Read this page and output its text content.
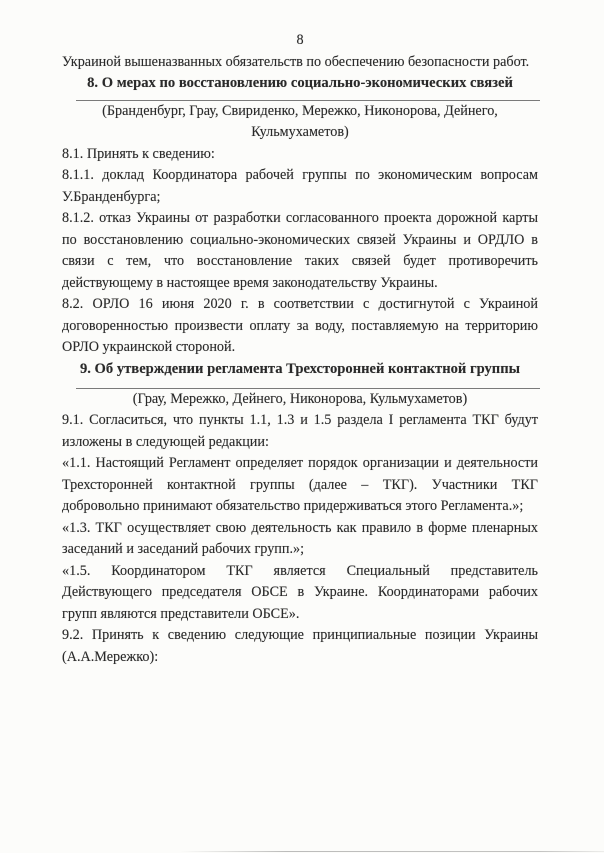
8

Украиной вышеназванных обязательств по обеспечению безопасности работ.

8. О мерах по восстановлению социально-экономических связей

(Бранденбург, Грау, Свириденко, Мережко, Никонорова, Дейнего, Кульмухаметов)

8.1. Принять к сведению:

8.1.1. доклад Координатора рабочей группы по экономическим вопросам У.Бранденбурга;

8.1.2. отказ Украины от разработки согласованного проекта дорожной карты по восстановлению социально-экономических связей Украины и ОРДЛО в связи с тем, что восстановление таких связей будет противоречить действующему в настоящее время законодательству Украины.

8.2. ОРЛО 16 июня 2020 г. в соответствии с достигнутой с Украиной договоренностью произвести оплату за воду, поставляемую на территорию ОРЛО украинской стороной.

9. Об утверждении регламента Трехсторонней контактной группы

(Грау, Мережко, Дейнего, Никонорова, Кульмухаметов)

9.1. Согласиться, что пункты 1.1, 1.3 и 1.5 раздела I регламента ТКГ будут изложены в следующей редакции:

«1.1. Настоящий Регламент определяет порядок организации и деятельности Трехсторонней контактной группы (далее – ТКГ). Участники ТКГ добровольно принимают обязательство придерживаться этого Регламента.»;

«1.3. ТКГ осуществляет свою деятельность как правило в форме пленарных заседаний и заседаний рабочих групп.»;

«1.5. Координатором ТКГ является Специальный представитель Действующего председателя ОБСЕ в Украине. Координаторами рабочих групп являются представители ОБСЕ».

9.2. Принять к сведению следующие принципиальные позиции Украины (А.А.Мережко):
